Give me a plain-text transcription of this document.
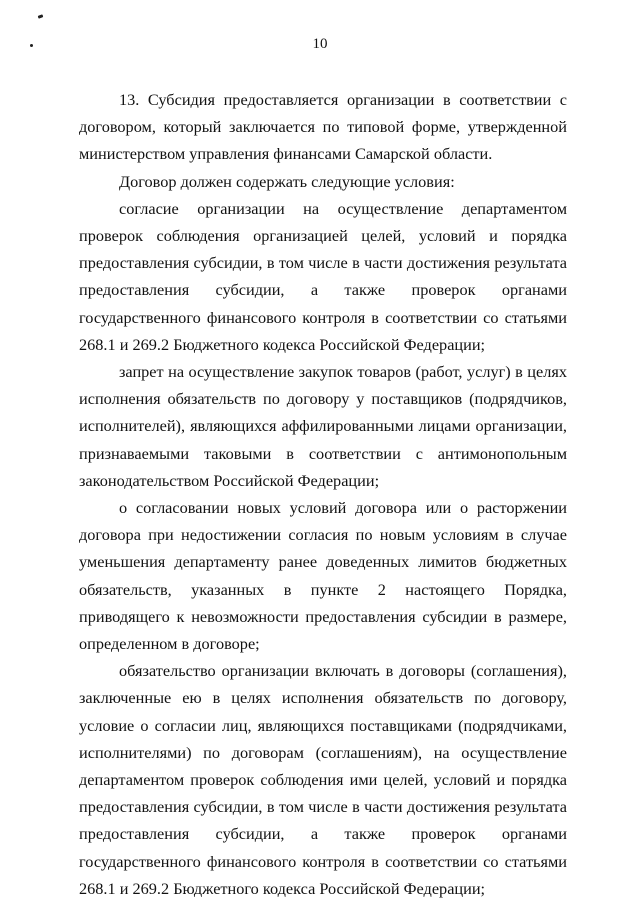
10

13. Субсидия предоставляется организации в соответствии с договором, который заключается по типовой форме, утвержденной министерством управления финансами Самарской области.

Договор должен содержать следующие условия:

согласие организации на осуществление департаментом проверок соблюдения организацией целей, условий и порядка предоставления субсидии, в том числе в части достижения результата предоставления субсидии, а также проверок органами государственного финансового контроля в соответствии со статьями 268.1 и 269.2 Бюджетного кодекса Российской Федерации;

запрет на осуществление закупок товаров (работ, услуг) в целях исполнения обязательств по договору у поставщиков (подрядчиков, исполнителей), являющихся аффилированными лицами организации, признаваемыми таковыми в соответствии с антимонопольным законодательством Российской Федерации;

о согласовании новых условий договора или о расторжении договора при недостижении согласия по новым условиям в случае уменьшения департаменту ранее доведенных лимитов бюджетных обязательств, указанных в пункте 2 настоящего Порядка, приводящего к невозможности предоставления субсидии в размере, определенном в договоре;

обязательство организации включать в договоры (соглашения), заключенные ею в целях исполнения обязательств по договору, условие о согласии лиц, являющихся поставщиками (подрядчиками, исполнителями) по договорам (соглашениям), на осуществление департаментом проверок соблюдения ими целей, условий и порядка предоставления субсидии, в том числе в части достижения результата предоставления субсидии, а также проверок органами государственного финансового контроля в соответствии со статьями 268.1 и 269.2 Бюджетного кодекса Российской Федерации;
